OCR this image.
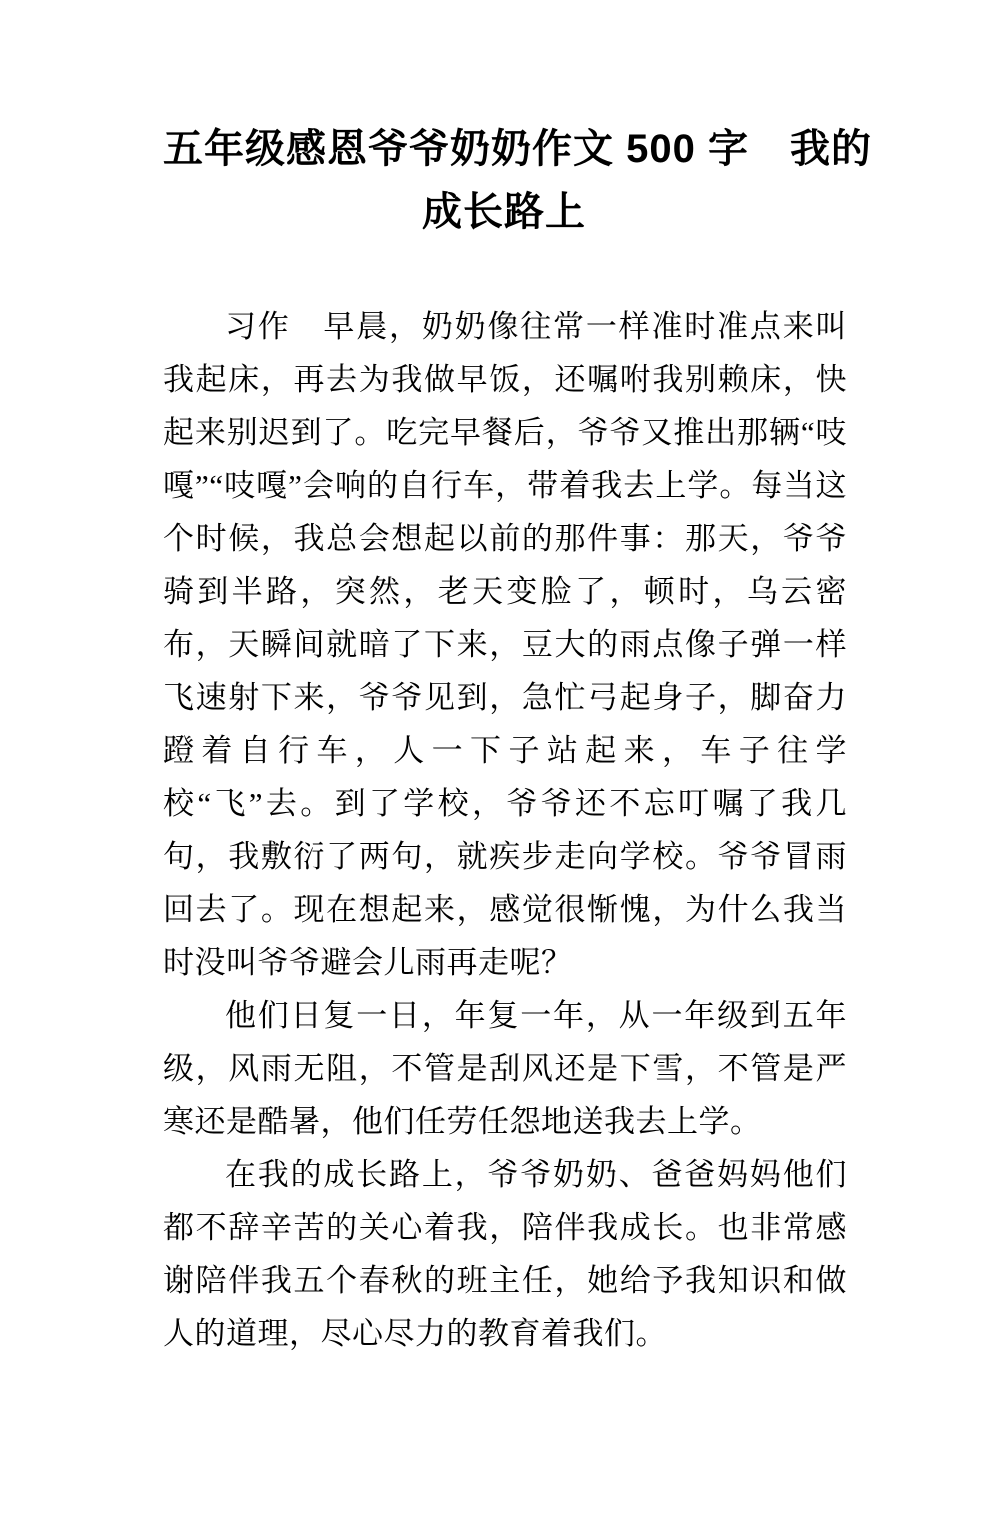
五年级感恩爷爷奶奶作文 500 字　我的
成长路上

习作　早晨，奶奶像往常一样准时准点来叫我起床，再去为我做早饭，还嘱咐我别赖床，快起来别迟到了。吃完早餐后，爷爷又推出那辆“吱嘎”“吱嘎”会响的自行车，带着我去上学。每当这个时候，我总会想起以前的那件事：那天，爷爷骑到半路，突然，老天变脸了，顿时，乌云密布，天瞬间就暗了下来，豆大的雨点像子弹一样飞速射下来，爷爷见到，急忙弓起身子，脚奋力蹬着自行车，人一下子站起来，车子往学校“飞”去。到了学校，爷爷还不忘叮嘱了我几句，我敷衍了两句，就疾步走向学校。爷爷冒雨回去了。现在想起来，感觉很惭愧，为什么我当时没叫爷爷避会儿雨再走呢？

他们日复一日，年复一年，从一年级到五年级，风雨无阻，不管是刮风还是下雪，不管是严寒还是酷暑，他们任劳任怨地送我去上学。

在我的成长路上，爷爷奶奶、爸爸妈妈他们都不辞辛苦的关心着我，陪伴我成长。也非常感谢陪伴我五个春秋的班主任，她给予我知识和做人的道理，尽心尽力的教育着我们。
